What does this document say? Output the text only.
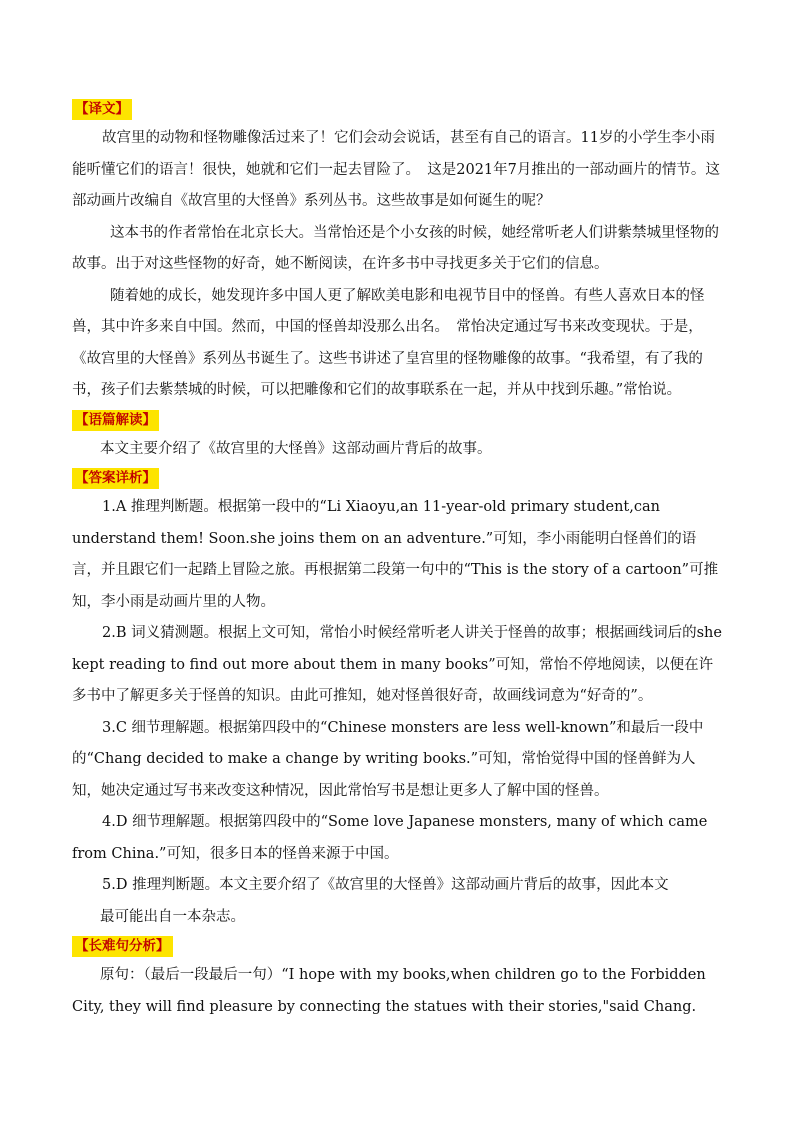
【译文】

故宫里的动物和怪物雕像活过来了！它们会动会说话，甚至有自己的语言。11岁的小学生李小雨能听懂它们的语言！很快，她就和它们一起去冒险了。　这是2021年7月推出的一部动画片的情节。这部动画片改编自《故宫里的大怪兽》系列丛书。这些故事是如何诞生的呢？

这本书的作者常怡在北京长大。当常怡还是个小女孩的时候，她经常听老人们讲紫禁城里怪物的故事。出于对这些怪物的好奇，她不断阅读，在许多书中寻找更多关于它们的信息。

随着她的成长，她发现许多中国人更了解欧美电影和电视节目中的怪兽。有些人喜欢日本的怪兽，其中许多来自中国。然而，中国的怪兽却没那么出名。　常怡决定通过写书来改变现状。于是，《故宫里的大怪兽》系列丛书诞生了。这些书讲述了皇宫里的怪物雕像的故事。“我希望，有了我的书，孩子们去紫禁城的时候，可以把雕像和它们的故事联系在一起，并从中找到乐趣。”常怡说。

【语篇解读】

本文主要介绍了《故宫里的大怪兽》这部动画片背后的故事。

【答案详析】

1.A 推理判断题。根据第一段中的“Li Xiaoyu,an 11-year-old primary student,can understand them! Soon.she joins them on an adventure.”可知，李小雨能明白怪兽们的语言，并且跟它们一起踏上冒险之旅。再根据第二段第一句中的“This is the story of a cartoon”可推知，李小雨是动画片里的人物。

2.B 词义猜测题。根据上文可知，常怡小时候经常听老人讲关于怪兽的故事；根据画线词后的she kept reading to find out more about them in many books”可知，常怡不停地阅读，以便在许多书中了解更多关于怪兽的知识。由此可推知，她对怪兽很好奇，故画线词意为“好奇的”。

3.C 细节理解题。根据第四段中的“Chinese monsters are less well-known”和最后一段中的“Chang decided to make a change by writing books.”可知，常怡觉得中国的怪兽鲜为人知，她决定通过写书来改变这种情况，因此常怡写书是想让更多人了解中国的怪兽。

4.D 细节理解题。根据第四段中的“Some love Japanese monsters, many of which came from China.”可知，很多日本的怪兽来源于中国。

5.D 推理判断题。本文主要介绍了《故宫里的大怪兽》这部动画片背后的故事，因此本文

最可能出自一本杂志。

【长难句分析】

原句：（最后一段最后一句）“I hope with my books,when children go to the Forbidden City, they will find pleasure by connecting the statues with their stories,"said Chang.
